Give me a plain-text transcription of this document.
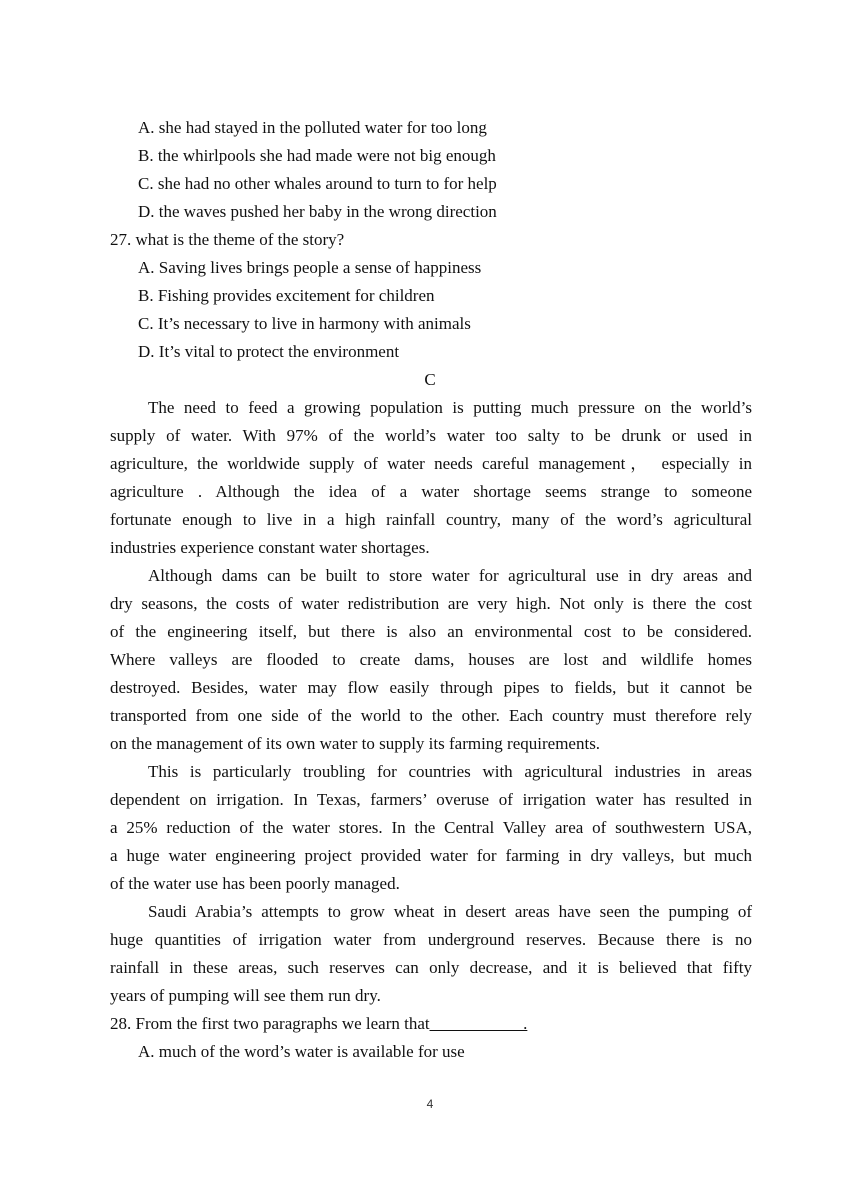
A. she had stayed in the polluted water for too long
B. the whirlpools she had made were not big enough
C. she had no other whales around to turn to for help
D. the waves pushed her baby in the wrong direction
27. what is the theme of the story?
A. Saving lives brings people a sense of happiness
B. Fishing provides excitement for children
C. It’s necessary to live in harmony with animals
D. It’s vital to protect the environment
C
The need to feed a growing population is putting much pressure on the world’s
supply of water. With 97% of the world’s water too salty to be drunk or used in
agriculture, the worldwide supply of water needs careful management， especially in
agriculture . Although the idea of a water shortage seems strange to someone
fortunate enough to live in a high rainfall country, many of the word’s agricultural
industries experience constant water shortages.
Although dams can be built to store water for agricultural use in dry areas and
dry seasons, the costs of water redistribution are very high. Not only is there the cost
of the engineering itself, but there is also an environmental cost to be considered.
Where valleys are flooded to create dams, houses are lost and wildlife homes
destroyed. Besides, water may flow easily through pipes to fields, but it cannot be
transported from one side of the world to the other. Each country must therefore rely
on the management of its own water to supply its farming requirements.
This is particularly troubling for countries with agricultural industries in areas
dependent on irrigation. In Texas, farmers’ overuse of irrigation water has resulted in
a 25% reduction of the water stores. In the Central Valley area of southwestern USA,
a huge water engineering project provided water for farming in dry valleys, but much
of the water use has been poorly managed.
Saudi Arabia’s attempts to grow wheat in desert areas have seen the pumping of
huge quantities of irrigation water from underground reserves. Because there is no
rainfall in these areas, such reserves can only decrease, and it is believed that fifty
years of pumping will see them run dry.
28. From the first two paragraphs we learn that___________.
A. much of the word’s water is available for use
4
